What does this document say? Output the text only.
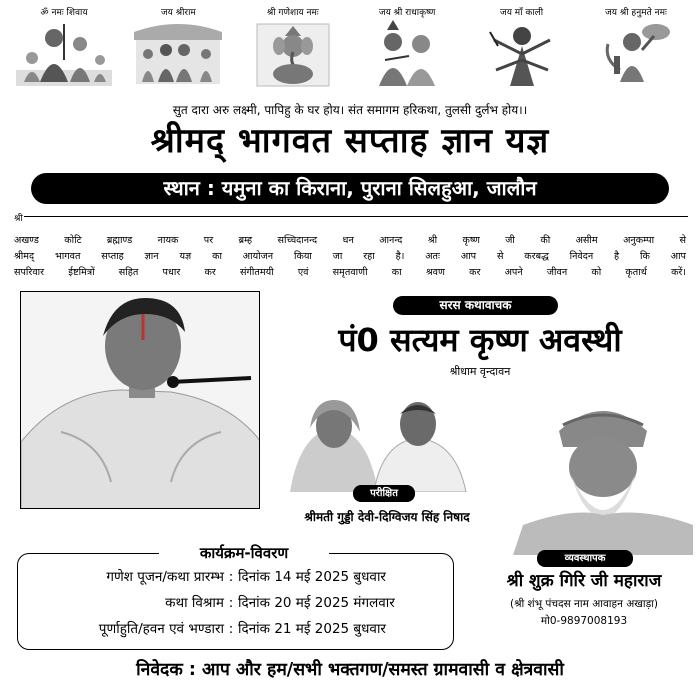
ॐ नमः शिवाय	जय श्रीराम	श्री गणेशाय नमः	जय श्री राधाकृष्ण	जय माँ काली	जय श्री हनुमते नमः
सुत दारा अरु लक्ष्मी, पापिहु के घर होय। संत समागम हरिकथा, तुलसी दुर्लभ होय।।
श्रीमद् भागवत सप्ताह ज्ञान यज्ञ
स्थान : यमुना का किराना, पुराना सिलहुआ, जालौन
श्री
अखण्ड कोटि ब्रह्माण्ड नायक पर ब्रम्ह सच्चिदानन्द धन आनन्द श्री कृष्ण जी की असीम अनुकम्पा से
श्रीमद् भागवत सप्ताह ज्ञान यज्ञ का आयोजन किया जा रहा है। अतः आप से करबद्ध निवेदन है कि आप
सपरिवार ईष्टमित्रों सहित पधार कर संगीतमयी एवं समृतवाणी का श्रवण कर अपने जीवन को कृतार्थ करें।
सरस कथावाचक
पं0 सत्यम कृष्ण अवस्थी
श्रीधाम वृन्दावन
परीक्षित
श्रीमती गुड्डी देवी-दिग्विजय सिंह निषाद
कार्यक्रम-विवरण
गणेश पूजन/कथा प्रारम्भ : दिनांक 14 मई 2025 बुधवार
कथा विश्राम : दिनांक 20 मई 2025 मंगलवार
पूर्णाहुति/हवन एवं भण्डारा : दिनांक 21 मई 2025 बुधवार
व्यवस्थापक
श्री शुक्र गिरि जी महाराज
(श्री शंभू पंचदस नाम आवाहन अखाड़ा)
मो0-9897008193
निवेदक : आप और हम/सभी भक्तगण/समस्त ग्रामवासी व क्षेत्रवासी
